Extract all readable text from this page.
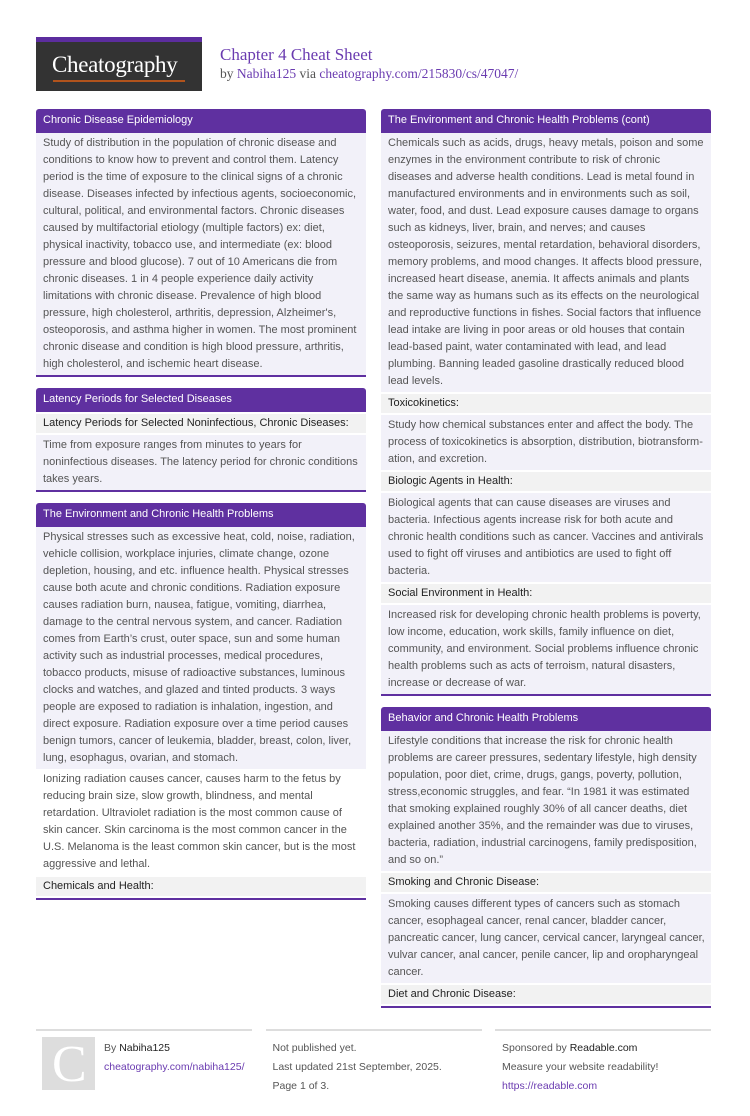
Cheatography	Chapter 4 Cheat Sheet
by Nabiha125 via cheatography.com/215830/cs/47047/
Chronic Disease Epidemiology
Study of distribution in the population of chronic disease and conditions to know how to prevent and control them. Latency period is the time of exposure to the clinical signs of a chronic disease. Diseases infected by infectious agents, socioeconomic, cultural, political, and environmental factors. Chronic diseases caused by multifactorial etiology (multiple factors) ex: diet, physical inactivity, tobacco use, and intermediate (ex: blood pressure and blood glucose). 7 out of 10 Americans die from chronic diseases. 1 in 4 people experience daily activity limitations with chronic disease. Prevalence of high blood pressure, high cholesterol, arthritis, depression, Alzheimer's, osteoporosis, and asthma higher in women. The most prominent chronic disease and condition is high blood pressure, arthritis, high cholesterol, and ischemic heart disease.
Latency Periods for Selected Diseases
Latency Periods for Selected Noninfectious, Chronic Diseases:
Time from exposure ranges from minutes to years for noninfectious diseases. The latency period for chronic conditions takes years.
The Environment and Chronic Health Problems
Physical stresses such as excessive heat, cold, noise, radiation, vehicle collision, workplace injuries, climate change, ozone depletion, housing, and etc. influence health. Physical stresses cause both acute and chronic conditions. Radiation exposure causes radiation burn, nausea, fatigue, vomiting, diarrhea, damage to the central nervous system, and cancer. Radiation comes from Earth’s crust, outer space, sun and some human activity such as industrial processes, medical procedures, tobacco products, misuse of radioactive substances, luminous clocks and watches, and glazed and tinted products. 3 ways people are exposed to radiation is inhalation, ingestion, and direct exposure. Radiation exposure over a time period causes benign tumors, cancer of leukemia, bladder, breast, colon, liver, lung, esophagus, ovarian, and stomach.
Ionizing radiation causes cancer, causes harm to the fetus by reducing brain size, slow growth, blindness, and mental retardation. Ultraviolet radiation is the most common cause of skin cancer. Skin carcinoma is the most common cancer in the U.S. Melanoma is the least common skin cancer, but is the most aggressive and lethal.
Chemicals and Health:
The Environment and Chronic Health Problems (cont)
Chemicals such as acids, drugs, heavy metals, poison and some enzymes in the environment contribute to risk of chronic diseases and adverse health conditions. Lead is metal found in manufactured environments and in environments such as soil, water, food, and dust. Lead exposure causes damage to organs such as kidneys, liver, brain, and nerves; and causes osteoporosis, seizures, mental retardation, behavioral disorders, memory problems, and mood changes. It affects blood pressure, increased heart disease, anemia. It affects animals and plants the same way as humans such as its effects on the neurological and reproductive functions in fishes. Social factors that influence lead intake are living in poor areas or old houses that contain lead-based paint, water contaminated with lead, and lead plumbing. Banning leaded gasoline drastically reduced blood lead levels.
Toxicokinetics:
Study how chemical substances enter and affect the body. The process of toxicokinetics is absorption, distribution, biotransformation, and excretion.
Biologic Agents in Health:
Biological agents that can cause diseases are viruses and bacteria. Infectious agents increase risk for both acute and chronic health conditions such as cancer. Vaccines and antivirals used to fight off viruses and antibiotics are used to fight off bacteria.
Social Environment in Health:
Increased risk for developing chronic health problems is poverty, low income, education, work skills, family influence on diet, community, and environment. Social problems influence chronic health problems such as acts of terroism, natural disasters, increase or decrease of war.
Behavior and Chronic Health Problems
Lifestyle conditions that increase the risk for chronic health problems are career pressures, sedentary lifestyle, high density population, poor diet, crime, drugs, gangs, poverty, pollution, stress,economic struggles, and fear. “In 1981 it was estimated that smoking explained roughly 30% of all cancer deaths, diet explained another 35%, and the remainder was due to viruses, bacteria, radiation, industrial carcinogens, family predisposition, and so on.”
Smoking and Chronic Disease:
Smoking causes different types of cancers such as stomach cancer, esophageal cancer, renal cancer, bladder cancer, pancreatic cancer, lung cancer, cervical cancer, laryngeal cancer, vulvar cancer, anal cancer, penile cancer, lip and oropharyngeal cancer.
Diet and Chronic Disease:
C By Nabiha125
cheatography.com/nabiha125/
Not published yet.
Last updated 21st September, 2025.
Page 1 of 3.
Sponsored by Readable.com
Measure your website readability!
https://readable.com
